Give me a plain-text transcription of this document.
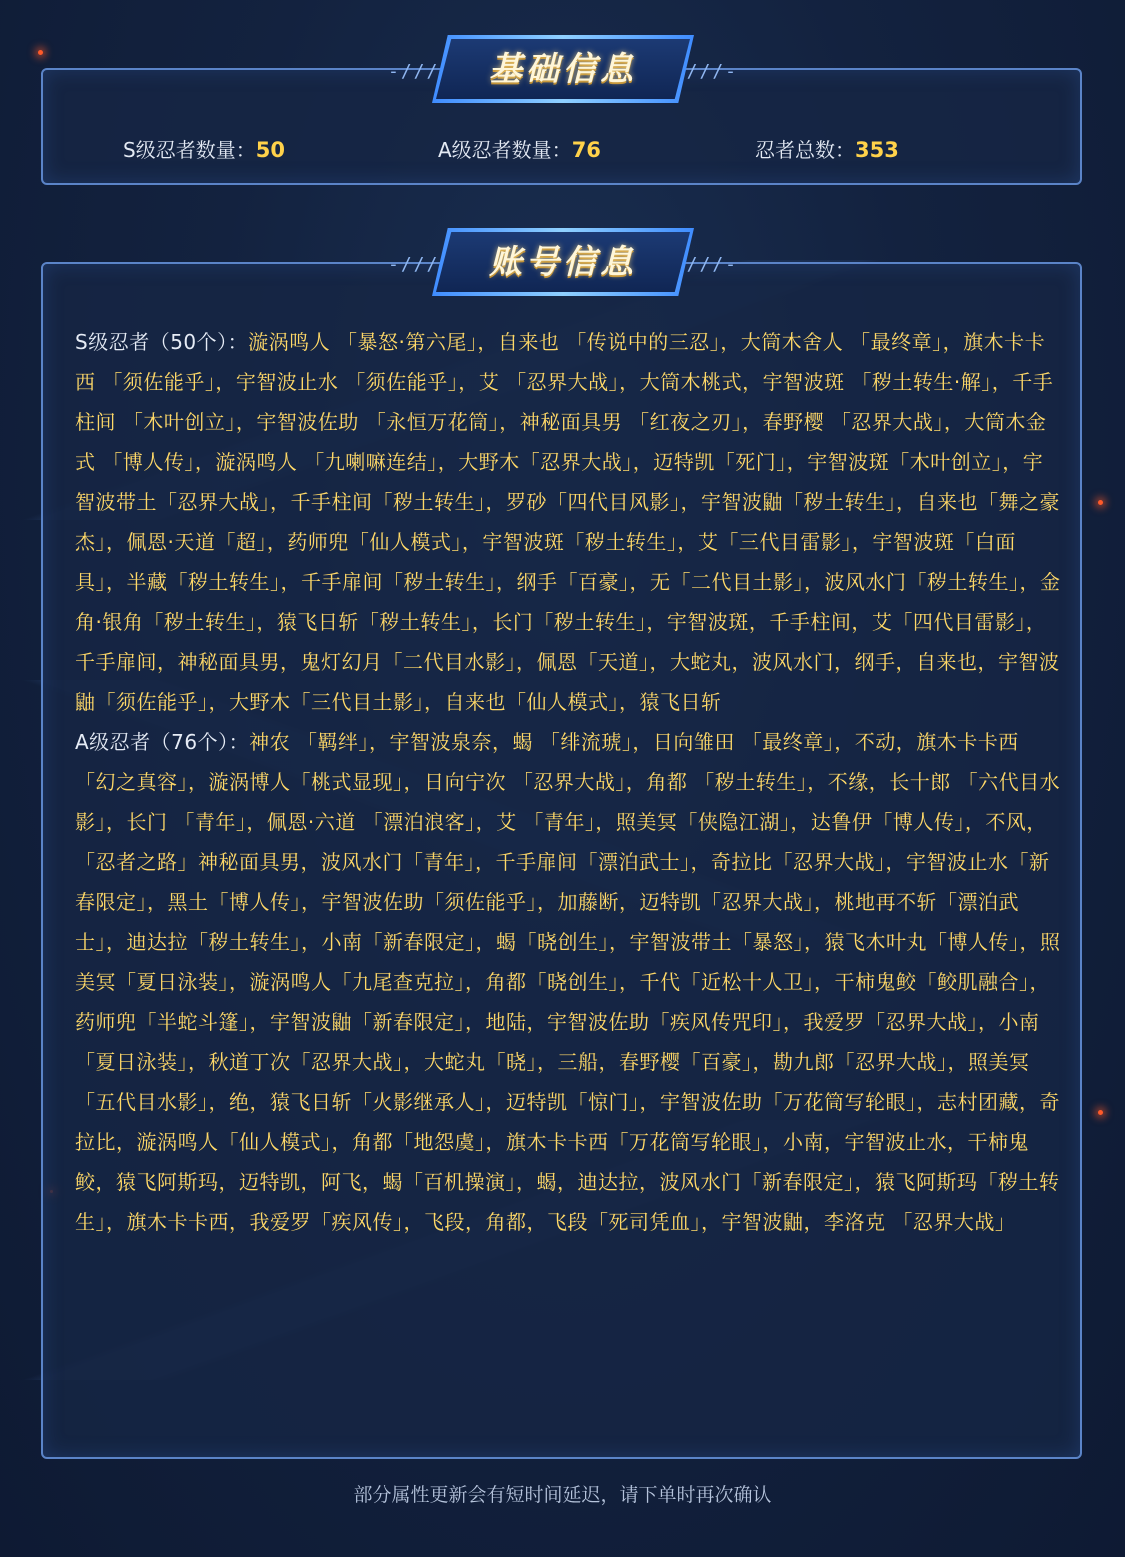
S级忍者数量：50	A级忍者数量：76	忍者总数：353
-///	基础信息	///-

S级忍者（50个）：漩涡鸣人 「暴怒·第六尾」，自来也 「传说中的三忍」，大筒木舍人 「最终章」，旗木卡卡西 「须佐能乎」，宇智波止水 「须佐能乎」，艾 「忍界大战」，大筒木桃式，宇智波斑 「秽土转生·解」，千手柱间 「木叶创立」，宇智波佐助 「永恒万花筒」，神秘面具男 「红夜之刃」，春野樱 「忍界大战」，大筒木金式 「博人传」，漩涡鸣人 「九喇嘛连结」，大野木「忍界大战」，迈特凯「死门」，宇智波斑「木叶创立」，宇智波带土「忍界大战」，千手柱间「秽土转生」，罗砂「四代目风影」，宇智波鼬「秽土转生」，自来也「舞之豪杰」，佩恩·天道「超」，药师兜「仙人模式」，宇智波斑「秽土转生」，艾「三代目雷影」，宇智波斑「白面具」，半藏「秽土转生」，千手扉间「秽土转生」，纲手「百豪」，无「二代目土影」，波风水门「秽土转生」，金角·银角「秽土转生」，猿飞日斩「秽土转生」，长门「秽土转生」，宇智波斑，千手柱间，艾「四代目雷影」，千手扉间，神秘面具男，鬼灯幻月「二代目水影」，佩恩「天道」，大蛇丸，波风水门，纲手，自来也，宇智波鼬「须佐能乎」，大野木「三代目土影」，自来也「仙人模式」，猿飞日斩

A级忍者（76个）：神农 「羁绊」，宇智波泉奈，蝎 「绯流琥」，日向雏田 「最终章」，不动，旗木卡卡西 「幻之真容」，漩涡博人「桃式显现」，日向宁次 「忍界大战」，角都 「秽土转生」，不缘，长十郎 「六代目水影」，长门 「青年」，佩恩·六道 「漂泊浪客」，艾 「青年」，照美冥「侠隐江湖」，达鲁伊「博人传」，不风，「忍者之路」神秘面具男，波风水门「青年」，千手扉间「漂泊武士」，奇拉比「忍界大战」，宇智波止水「新春限定」，黑土「博人传」，宇智波佐助「须佐能乎」，加藤断，迈特凯「忍界大战」，桃地再不斩「漂泊武士」，迪达拉「秽土转生」，小南「新春限定」，蝎「晓创生」，宇智波带土「暴怒」，猿飞木叶丸「博人传」，照美冥「夏日泳装」，漩涡鸣人「九尾查克拉」，角都「晓创生」，千代「近松十人卫」，干柿鬼鲛「鲛肌融合」，药师兜「半蛇斗篷」，宇智波鼬「新春限定」，地陆，宇智波佐助「疾风传咒印」，我爱罗「忍界大战」，小南「夏日泳装」，秋道丁次「忍界大战」，大蛇丸「晓」，三船，春野樱「百豪」，勘九郎「忍界大战」，照美冥「五代目水影」，绝，猿飞日斩「火影继承人」，迈特凯「惊门」，宇智波佐助「万花筒写轮眼」，志村团藏，奇拉比，漩涡鸣人「仙人模式」，角都「地怨虞」，旗木卡卡西「万花筒写轮眼」，小南，宇智波止水，干柿鬼鲛，猿飞阿斯玛，迈特凯，阿飞，蝎「百机操演」，蝎，迪达拉，波风水门「新春限定」，猿飞阿斯玛「秽土转生」，旗木卡卡西，我爱罗「疾风传」，飞段，角都，飞段「死司凭血」，宇智波鼬，李洛克 「忍界大战」

-///	账号信息	///-
部分属性更新会有短时间延迟，请下单时再次确认
